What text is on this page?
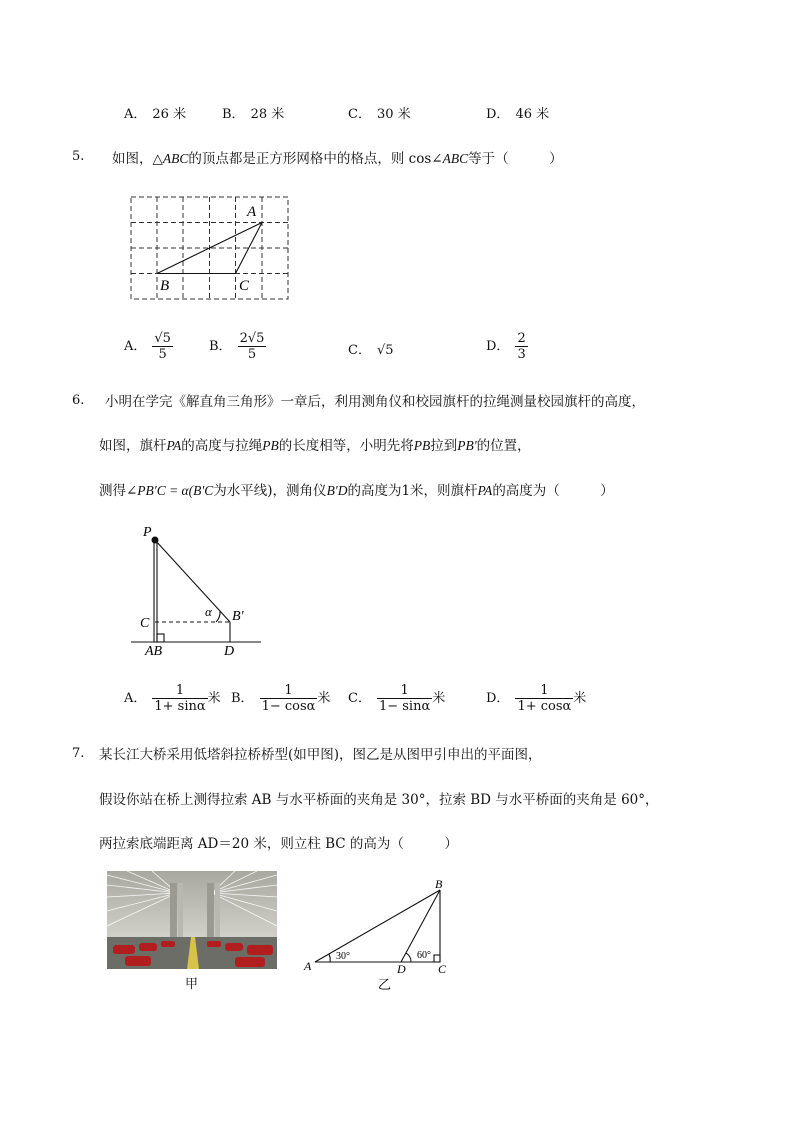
A． 26 米	B． 28 米	C． 30 米	D． 46 米
5. 如图，△ABC的顶点都是正方形网格中的格点，则 cos∠ABC等于（　　　）
A
B	C
A． $\frac{√5}{5}$	B． $\frac{2√5}{5}$	C． √5	D． $\frac{2}{3}$
6. 小明在学完《解直角三角形》一章后，利用测角仪和校园旗杆的拉绳测量校园旗杆的高度，
如图，旗杆PA的高度与拉绳PB的长度相等，小明先将PB拉到PB'的位置，
测得∠PB'C = α(B'C为水平线)，测角仪B'D的高度为1米，则旗杆PA的高度为（　　　）
P
C
AB	D
B'
α
A． $\frac{1}{1+ \sin\alpha}$ 米 B． $\frac{1}{1- \cos\alpha}$ 米 C． $\frac{1}{1- \sin\alpha}$ 米	D． $\frac{1}{1+ \cos\alpha}$ 米
7. 某长江大桥采用低塔斜拉桥桥型(如甲图)，图乙是从图甲引申出的平面图，
假设你站在桥上测得拉索 AB 与水平桥面的夹角是 30°，拉索 BD 与水平桥面的夹角是 60°，
两拉索底端距离 AD＝20 米，则立柱 BC 的高为（　　　）
甲
B
A	D	C
30°	60°
乙
